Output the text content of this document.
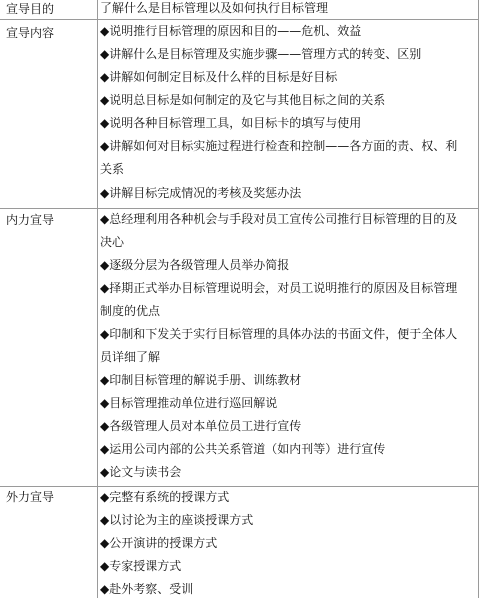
宣导目的	了解什么是目标管理以及如何执行目标管理
宣导内容	◆说明推行目标管理的原因和目的——危机、效益
◆讲解什么是目标管理及实施步骤——管理方式的转变、区别
◆讲解如何制定目标及什么样的目标是好目标
◆说明总目标是如何制定的及它与其他目标之间的关系
◆说明各种目标管理工具，如目标卡的填写与使用
◆讲解如何对目标实施过程进行检查和控制——各方面的责、权、利关系
◆讲解目标完成情况的考核及奖惩办法
内力宣导	◆总经理利用各种机会与手段对员工宣传公司推行目标管理的目的及决心
◆逐级分层为各级管理人员举办简报
◆择期正式举办目标管理说明会，对员工说明推行的原因及目标管理制度的优点
◆印制和下发关于实行目标管理的具体办法的书面文件，便于全体人员详细了解
◆印制目标管理的解说手册、训练教材
◆目标管理推动单位进行巡回解说
◆各级管理人员对本单位员工进行宣传
◆运用公司内部的公共关系管道（如内刊等）进行宣传
◆论文与读书会
外力宣导	◆完整有系统的授课方式
◆以讨论为主的座谈授课方式
◆公开演讲的授课方式
◆专家授课方式
◆赴外考察、受训
